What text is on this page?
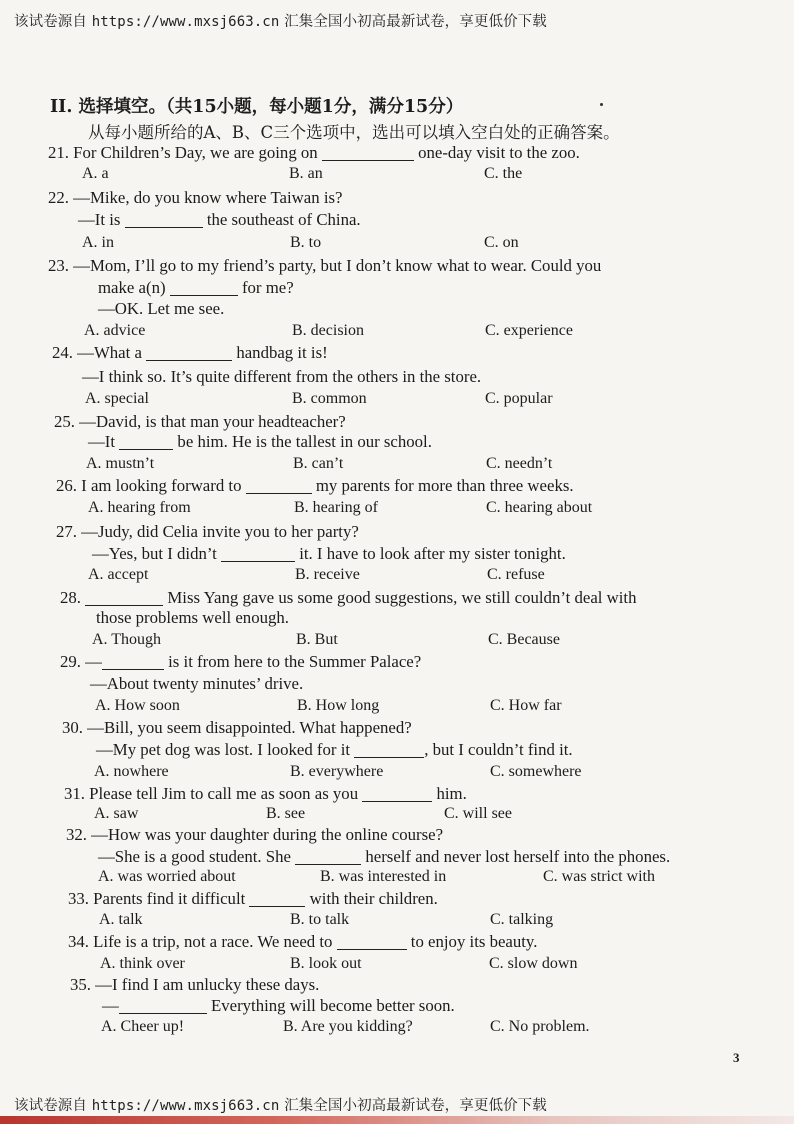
该试卷源自 https://www.mxsj663.cn 汇集全国小初高最新试卷，享更低价下载
II. 选择填空。（共15小题，每小题1分，满分15分）
从每小题所给的A、B、C三个选项中，选出可以填入空白处的正确答案。
21. For Children’s Day, we are going on	one-day visit to the zoo.
A. a	B. an	C. the
22. —Mike, do you know where Taiwan is?
—It is	the southeast of China.
A. in	B. to	C. on
23. —Mom, I’ll go to my friend’s party, but I don’t know what to wear. Could you
make a(n)	for me?
—OK. Let me see.
A. advice	B. decision	C. experience
24. —What a	handbag it is!
—I think so. It’s quite different from the others in the store.
A. special	B. common	C. popular
25. —David, is that man your headteacher?
—It	be him. He is the tallest in our school.
A. mustn’t	B. can’t	C. needn’t
26. I am looking forward to	my parents for more than three weeks.
A. hearing from	B. hearing of	C. hearing about
27. —Judy, did Celia invite you to her party?
—Yes, but I didn’t	it. I have to look after my sister tonight.
A. accept	B. receive	C. refuse
28.	Miss Yang gave us some good suggestions, we still couldn’t deal with
those problems well enough.
A. Though	B. But	C. Because
29. —	is it from here to the Summer Palace?
—About twenty minutes’ drive.
A. How soon	B. How long	C. How far
30. —Bill, you seem disappointed. What happened?
—My pet dog was lost. I looked for it	, but I couldn’t find it.
A. nowhere	B. everywhere	C. somewhere
31. Please tell Jim to call me as soon as you	him.
A. saw	B. see	C. will see
32. —How was your daughter during the online course?
—She is a good student. She	herself and never lost herself into the phones.
A. was worried about	B. was interested in	C. was strict with
33. Parents find it difficult	with their children.
A. talk	B. to talk	C. talking
34. Life is a trip, not a race. We need to	to enjoy its beauty.
A. think over	B. look out	C. slow down
35. —I find I am unlucky these days.
—	Everything will become better soon.
A. Cheer up!	B. Are you kidding?	C. No problem.
3
该试卷源自 https://www.mxsj663.cn 汇集全国小初高最新试卷，享更低价下载
